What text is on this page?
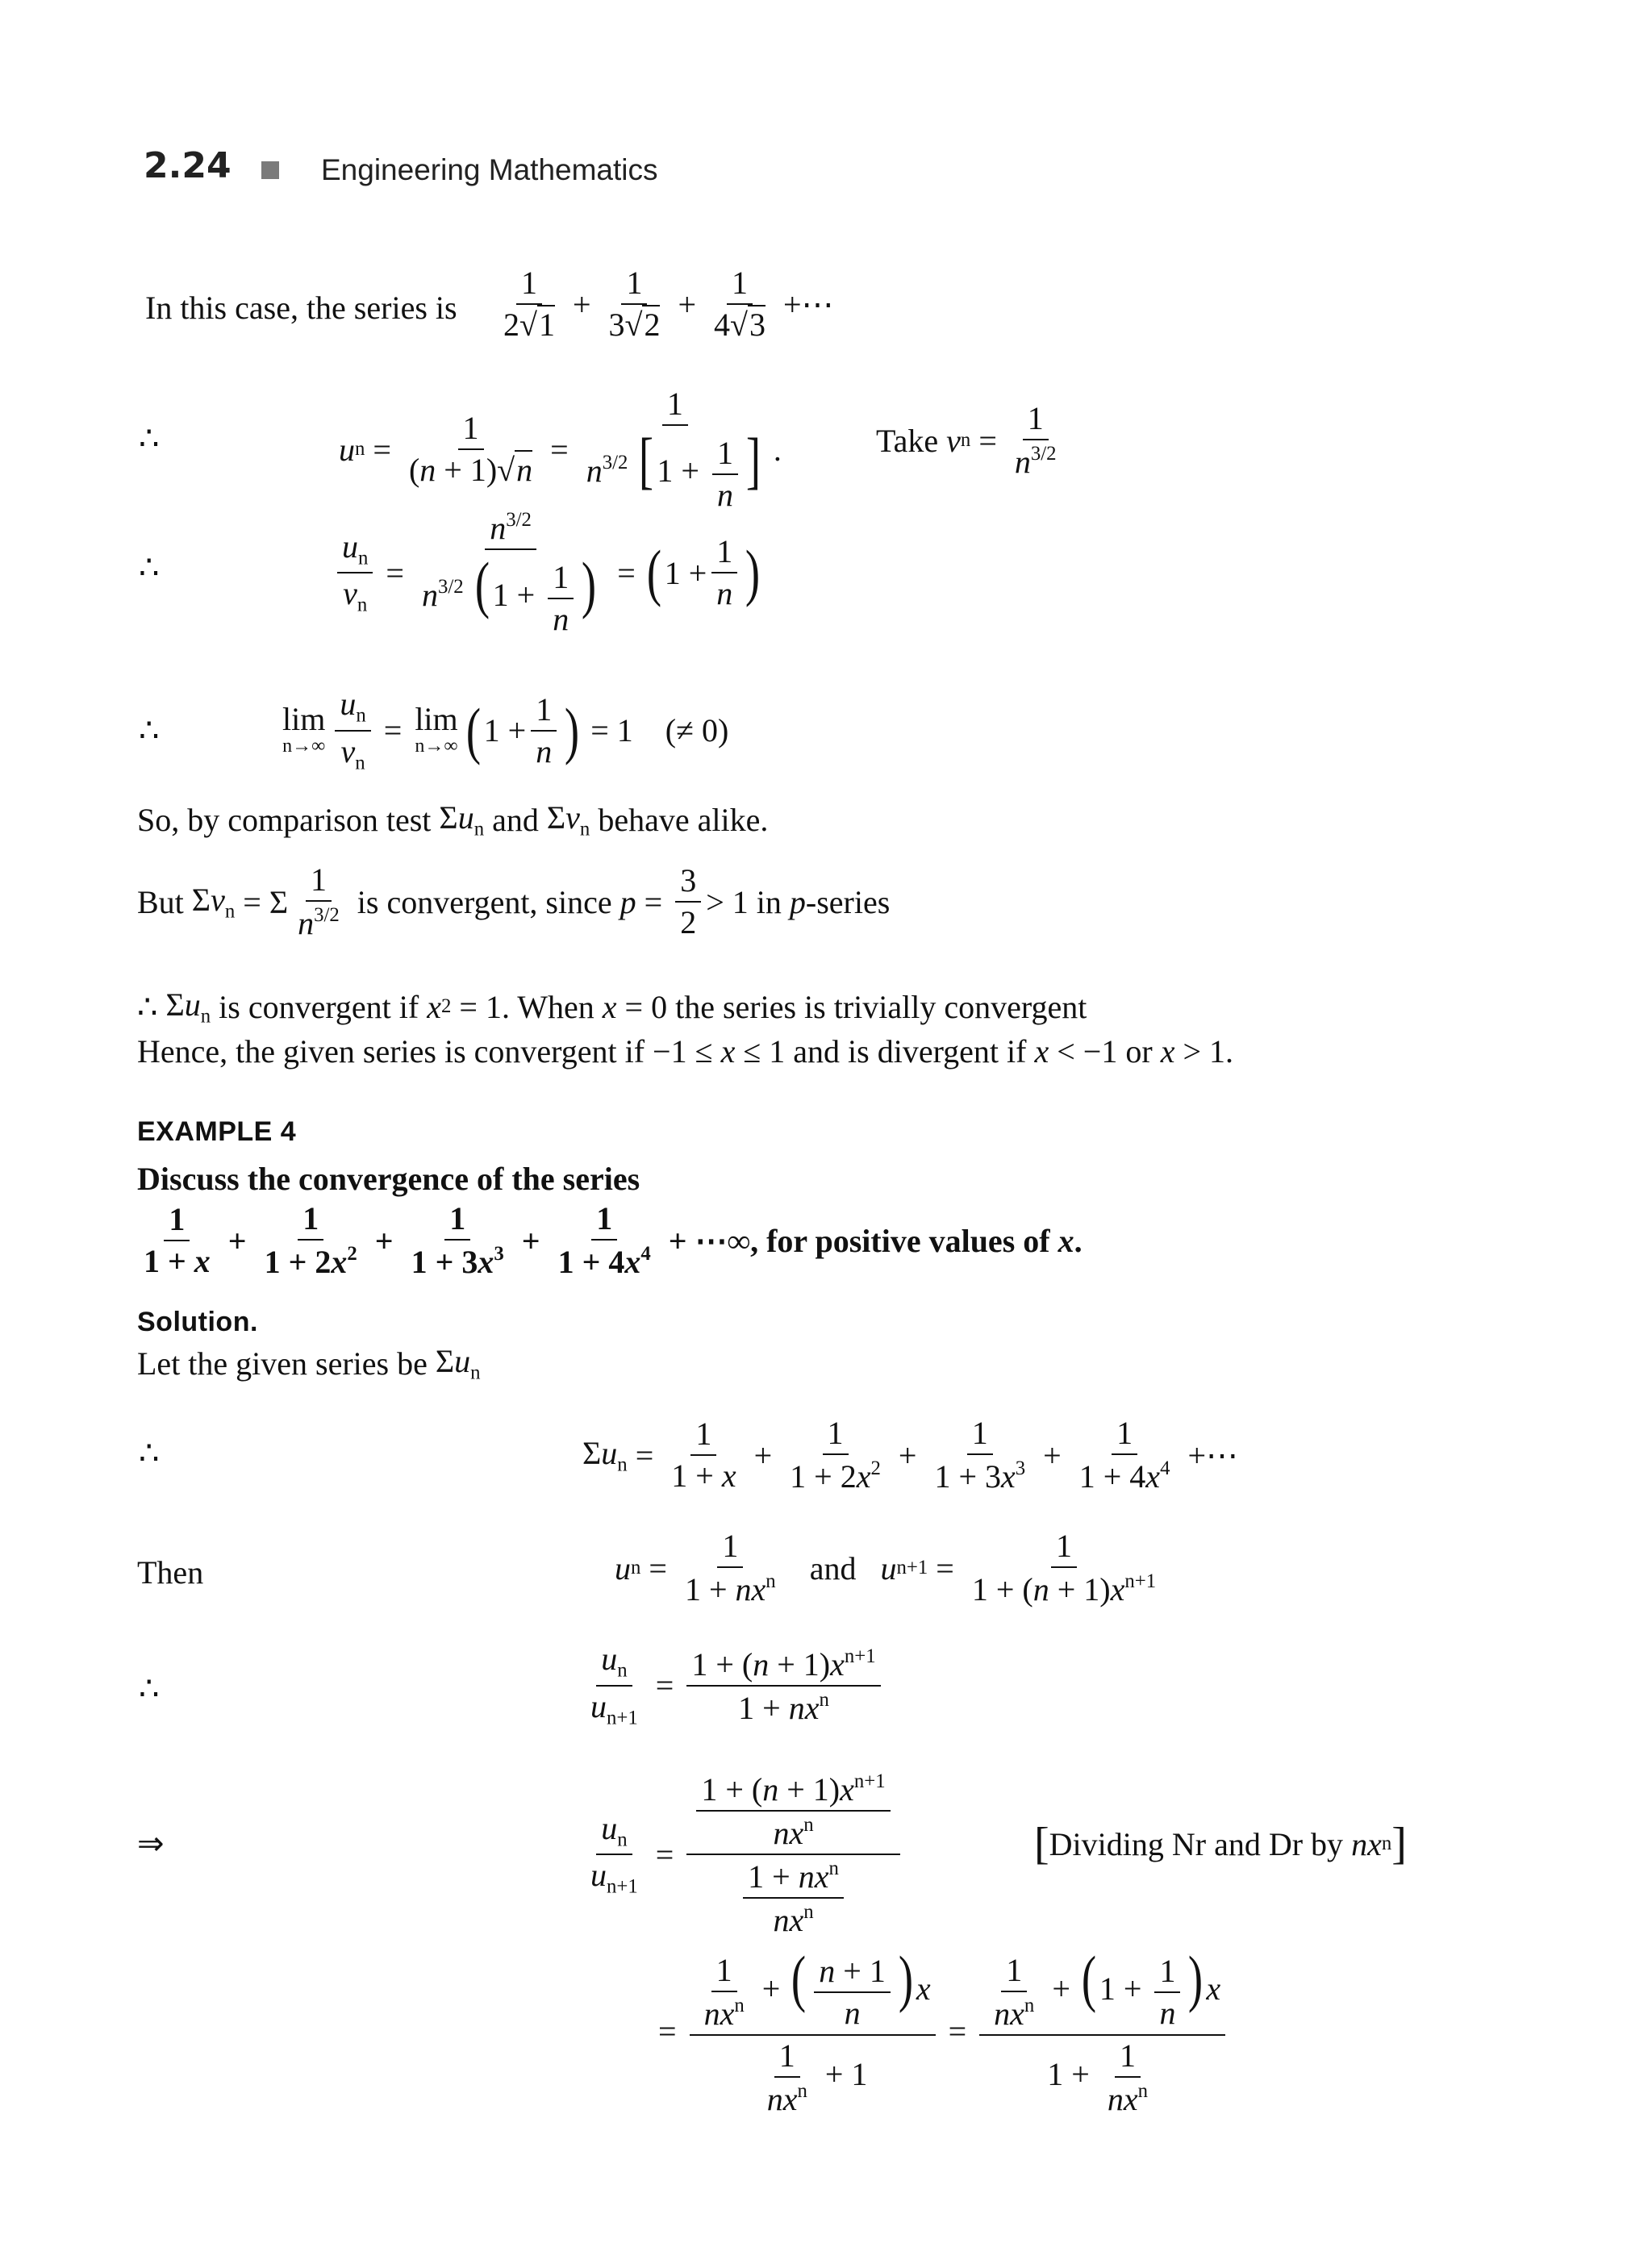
2.24	Engineering Mathematics
In this case, the series is $\frac{1}{2√1} + \frac{1}{3√2} + \frac{1}{4√3}$ +⋯
∴	u $n = \frac{1}{(n + 1)√n} = \frac{1}{n^{3/2} [1 + \frac{1}{n} ]}$ .	Take
v $n = \frac{1}{n^{3/2}}$
∴	$\frac{u_n}{v_n} = \frac{n^{3/2}}{n^{3/2} (1 + \frac{1}{n} )}$ = ( $1 + \frac{1}{n}$ )
∴	lim
$n\to\infty \frac{u_n}{v_n} = \lim$
n→∞ ( $1 + \frac{1}{n}$ ) = 1
(≠ 0)
So, by comparison test
$\Sigma u_n$
and
$\Sigma v_n$
behave alike.
But
$\Sigma v_n = \Sigma \frac{1}{n^{3/2}}$
is convergent, since
$p = \frac{3}{2} > 1$
in
p -series
∴
$\Sigma u_n$
is convergent if
x 2 = 1 . When
x
= 0 the series is trivially convergent
Hence, the given series is convergent if
−1 ≤ x ≤ 1
and is divergent if
x < −1
or
x > 1.
EXAMPLE 4
Discuss the convergence of the series
$\frac{1}{1 + x} + \frac{1}{1 + 2x^2} + \frac{1}{1 + 3x^3} + \frac{1}{1 + 4x^4}$ + ⋯∞, for positive values of
x .
Solution.
Let the given series be
$\Sigma u_n$
∴	$\Sigma u_n = \frac{1}{1 + x} + \frac{1}{1 + 2x^2} + \frac{1}{1 + 3x^3} + \frac{1}{1 + 4x^4}$ +⋯
Then	u $n = \frac{1}{1 + nx^n}$
and
u $n+1 = \frac{1}{1 + (n + 1)x^{n+1}}$
∴	$\frac{u_n}{u_{n+1}} = \frac{1 + (n + 1)x^{n+1}}{1 + nx^n}$
⇒	$\frac{u_n}{u_{n+1}} = \frac{\frac{1 + (n + 1)x^{n+1}}{nx^n}}{\frac{1 + nx^n}{nx^n}}$	[ Dividing Nr and Dr by
nx n ]
= $\frac{\frac{1}{nx^n} + ( \frac{n + 1}{n} )x}{\frac{1}{nx^n} + 1} = \frac{\frac{1}{nx^n} + (1 + \frac{1}{n} )x}{1 + \frac{1}{nx^n}}$
